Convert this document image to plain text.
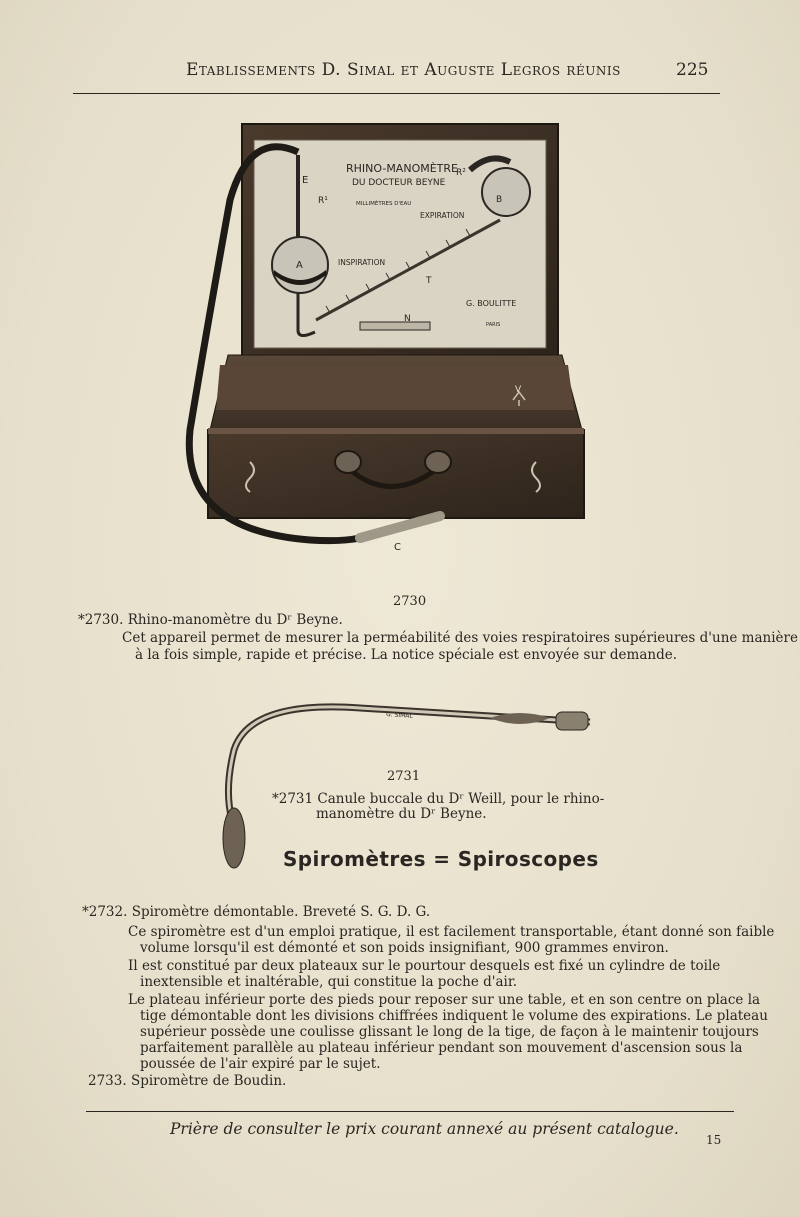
Etablissements D. Simal et Auguste Legros réunis	225
RHINO-MANOMÈTRE
DU DOCTEUR BEYNE
MILLIMÈTRES D'EAU
EXPIRATION
INSPIRATION
G. BOULITTE
PARIS
E
R¹
R²
A
B
T
N
V
C
2730
*2730. Rhino-manomètre du Dʳ Beyne.
Cet appareil permet de mesurer la perméabilité des voies respiratoires supérieures d'une manière
à la fois simple, rapide et précise. La notice spéciale est envoyée sur demande.
G. SIMAL
2731
*2731 Canule buccale du Dʳ Weill, pour le rhino-
manomètre du Dʳ Beyne.
Spiromètres = Spiroscopes
*2732. Spiromètre démontable. Breveté S. G. D. G.
Ce spiromètre est d'un emploi pratique, il est facilement transportable, étant donné son faible
volume lorsqu'il est démonté et son poids insignifiant, 900 grammes environ.
Il est constitué par deux plateaux sur le pourtour desquels est fixé un cylindre de toile
inextensible et inaltérable, qui constitue la poche d'air.
Le plateau inférieur porte des pieds pour reposer sur une table, et en son centre on place la
tige démontable dont les divisions chiffrées indiquent le volume des expirations. Le plateau
supérieur possède une coulisse glissant le long de la tige, de façon à le maintenir toujours
parfaitement parallèle au plateau inférieur pendant son mouvement d'ascension sous la
poussée de l'air expiré par le sujet.
2733. Spiromètre de Boudin.
Prière de consulter le prix courant annexé au présent catalogue.
15
